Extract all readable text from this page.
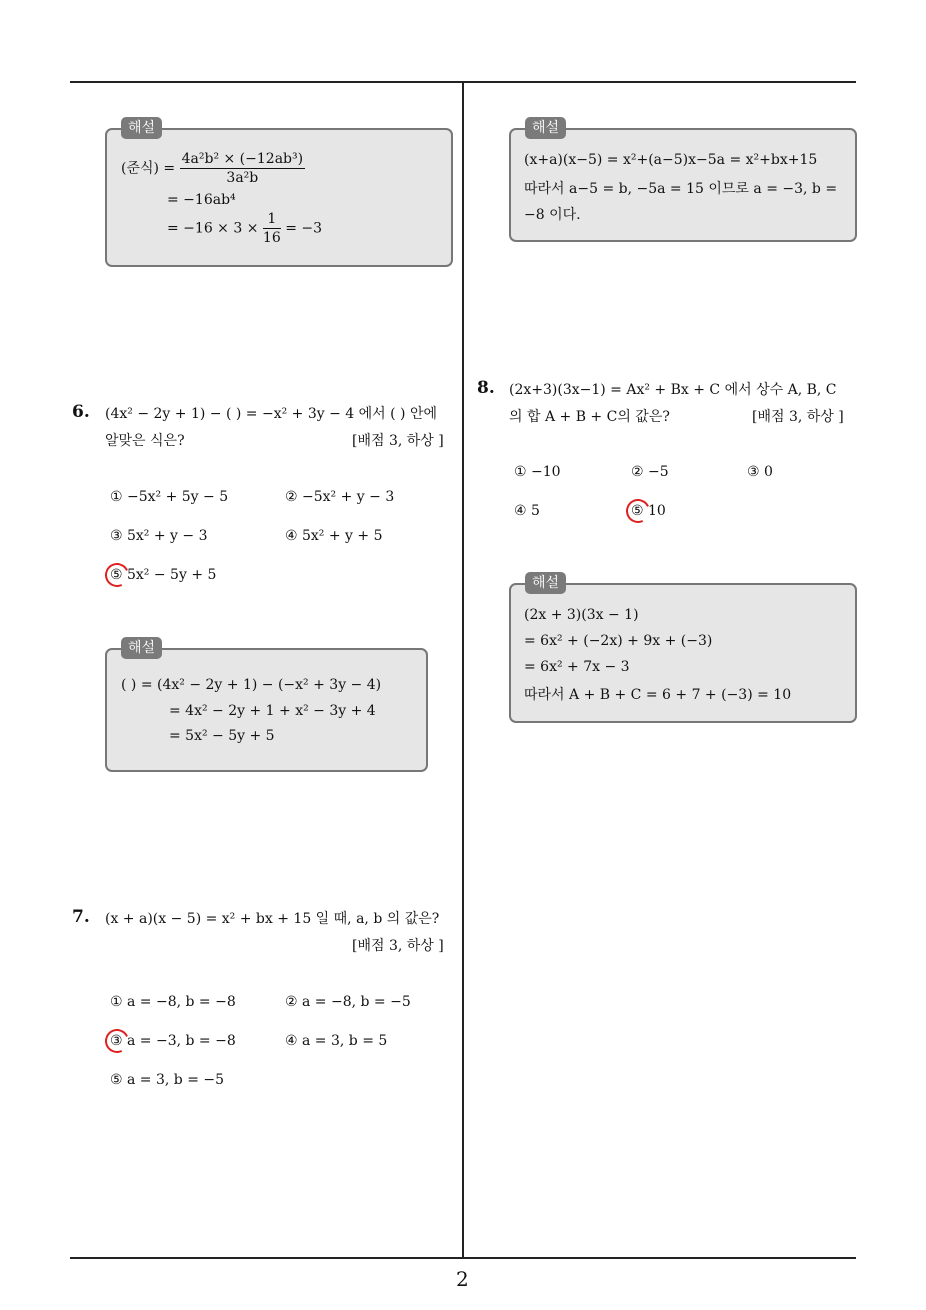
2
해설
(준식) = $\frac{\text{4a²b² × (−12ab³)}}{\text{3a²b}}$
= −16ab⁴
= $-16 \times 3 \times \frac{1}{16} = -3$
6. (4x² − 2y + 1) − ( ) = −x² + 3y − 4 에서 ( ) 안에
알맞은 식은?	[배점 3, 하상 ]
① −5x² + 5y − 5	② −5x² + y − 3
③ 5x² + y − 3	④ 5x² + y + 5
⑤ 5x² − 5y + 5
해설
( ) = (4x² − 2y + 1) − (−x² + 3y − 4)
= 4x² − 2y + 1 + x² − 3y + 4
= 5x² − 5y + 5
7. (x + a)(x − 5) = x² + bx + 15 일 때, a, b 의 값은?
[배점 3, 하상 ]
① a = −8, b = −8	② a = −8, b = −5
③ a = −3, b = −8	④ a = 3, b = 5
⑤ a = 3, b = −5
해설
(x+a)(x−5) = x²+(a−5)x−5a = x²+bx+15
따라서 a−5 = b, −5a = 15 이므로 a = −3, b =
−8 이다.
8. (2x+3)(3x−1) = Ax² + Bx + C 에서 상수 A, B, C
의 합 A + B + C의 값은?	[배점 3, 하상 ]
① −10	② −5	③ 0
④ 5	⑤ 10
해설
(2x + 3)(3x − 1)
= 6x² + (−2x) + 9x + (−3)
= 6x² + 7x − 3
따라서 A + B + C = 6 + 7 + (−3) = 10
